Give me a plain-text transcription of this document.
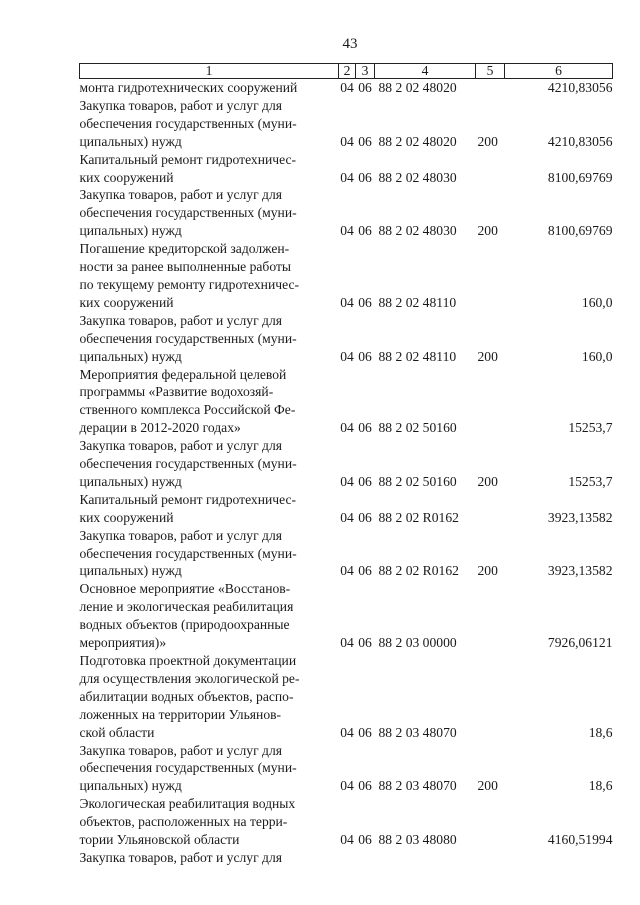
43
1	2	3	4	5	6

монта гидротехнических сооружений	04	06	88 2 02 48020		4210,83056

Закупка товаров, работ и услуг для
обеспечения государственных (муни-
ципальных) нужд	04	06	88 2 02 48020	200	4210,83056

Капитальный ремонт гидротехничес-
ких сооружений	04	06	88 2 02 48030		8100,69769

Закупка товаров, работ и услуг для
обеспечения государственных (муни-
ципальных) нужд	04	06	88 2 02 48030	200	8100,69769

Погашение кредиторской задолжен-
ности за ранее выполненные работы
по текущему ремонту гидротехничес-
ких сооружений	04	06	88 2 02 48110		160,0

Закупка товаров, работ и услуг для
обеспечения государственных (муни-
ципальных) нужд	04	06	88 2 02 48110	200	160,0

Мероприятия федеральной целевой
программы «Развитие водохозяй-
ственного комплекса Российской Фе-
дерации в 2012-2020 годах»	04	06	88 2 02 50160		15253,7

Закупка товаров, работ и услуг для
обеспечения государственных (муни-
ципальных) нужд	04	06	88 2 02 50160	200	15253,7

Капитальный ремонт гидротехничес-
ких сооружений	04	06	88 2 02 R0162		3923,13582

Закупка товаров, работ и услуг для
обеспечения государственных (муни-
ципальных) нужд	04	06	88 2 02 R0162	200	3923,13582

Основное мероприятие «Восстанов-
ление и экологическая реабилитация
водных объектов (природоохранные
мероприятия)»	04	06	88 2 03 00000		7926,06121

Подготовка проектной документации
для осуществления экологической ре-
абилитации водных объектов, распо-
ложенных на территории Ульянов-
ской области	04	06	88 2 03 48070		18,6

Закупка товаров, работ и услуг для
обеспечения государственных (муни-
ципальных) нужд	04	06	88 2 03 48070	200	18,6

Экологическая реабилитация водных
объектов, расположенных на терри-
тории Ульяновской области	04	06	88 2 03 48080		4160,51994

Закупка товаров, работ и услуг для					
